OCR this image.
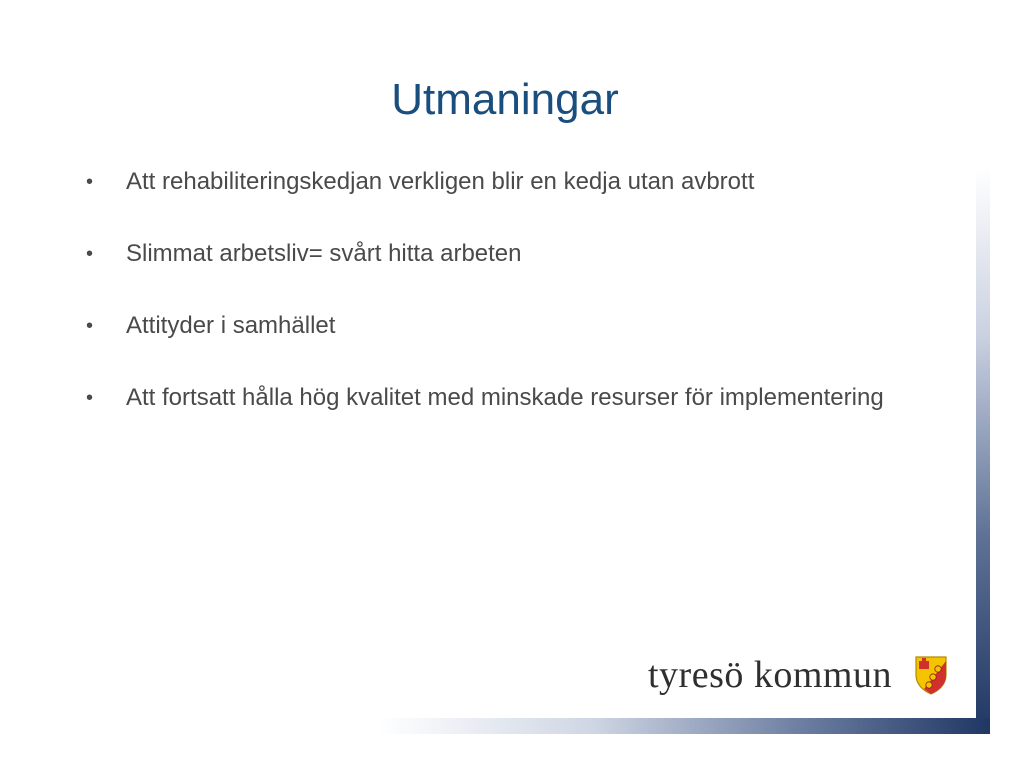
Utmaningar
• Att rehabiliteringskedjan verkligen blir en kedja utan avbrott
• Slimmat arbetsliv= svårt hitta arbeten
• Attityder i samhället
• Att fortsatt hålla hög kvalitet med minskade resurser för implementering
tyresö kommun
